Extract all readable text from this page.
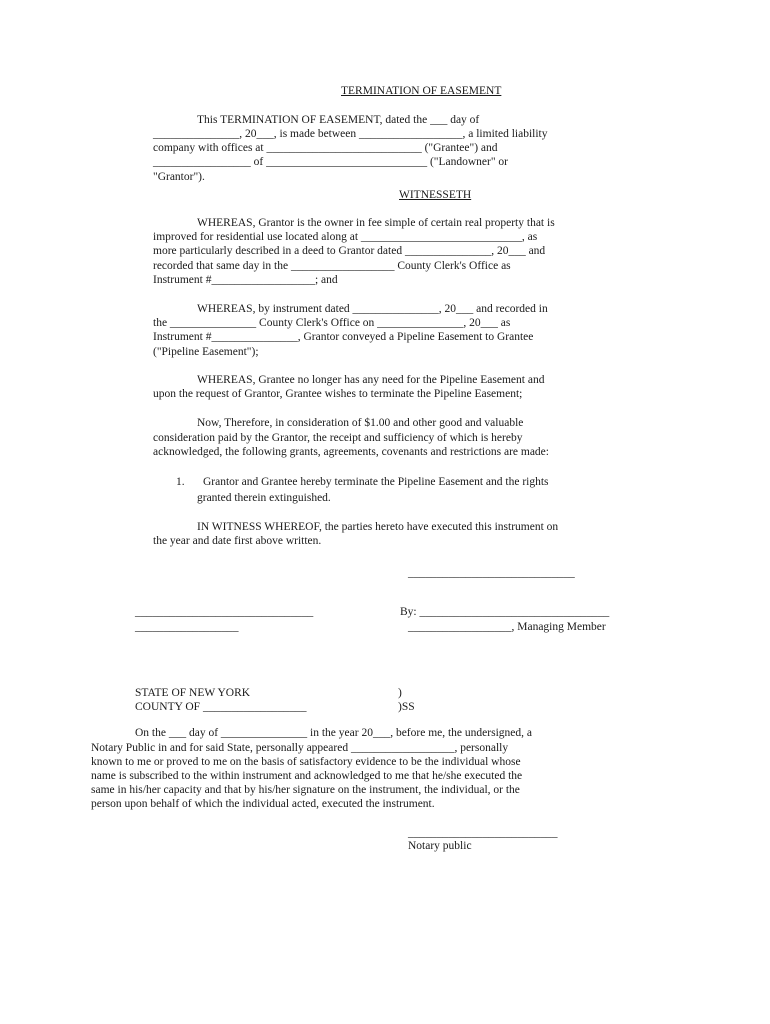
TERMINATION OF EASEMENT
This TERMINATION OF EASEMENT, dated the ___ day of
_______________, 20___, is made between __________________, a limited liability
company with offices at ___________________________ ("Grantee") and
_________________ of ____________________________ ("Landowner" or
"Grantor").
WITNESSETH
WHEREAS, Grantor is the owner in fee simple of certain real property that is
improved for residential use located along at ____________________________, as
more particularly described in a deed to Grantor dated _______________, 20___ and
recorded that same day in the __________________ County Clerk's Office as
Instrument #__________________; and
WHEREAS, by instrument dated _______________, 20___ and recorded in
the _______________ County Clerk's Office on _______________, 20___ as
Instrument #_______________, Grantor conveyed a Pipeline Easement to Grantee
("Pipeline Easement");
WHEREAS, Grantee no longer has any need for the Pipeline Easement and
upon the request of Grantor, Grantee wishes to terminate the Pipeline Easement;
Now, Therefore, in consideration of $1.00 and other good and valuable
consideration paid by the Grantor, the receipt and sufficiency of which is hereby
acknowledged, the following grants, agreements, covenants and restrictions are made:
1. Grantor and Grantee hereby terminate the Pipeline Easement and the rights
granted therein extinguished.
IN WITNESS WHEREOF, the parties hereto have executed this instrument on
the year and date first above written.
_____________________________
_______________________________	By: _________________________________
__________________	__________________, Managing Member
STATE OF NEW YORK	)
COUNTY OF __________________	)SS
On the ___ day of _______________ in the year 20___, before me, the undersigned, a
Notary Public in and for said State, personally appeared __________________, personally
known to me or proved to me on the basis of satisfactory evidence to be the individual whose
name is subscribed to the within instrument and acknowledged to me that he/she executed the
same in his/her capacity and that by his/her signature on the instrument, the individual, or the
person upon behalf of which the individual acted, executed the instrument.
__________________________
Notary public
